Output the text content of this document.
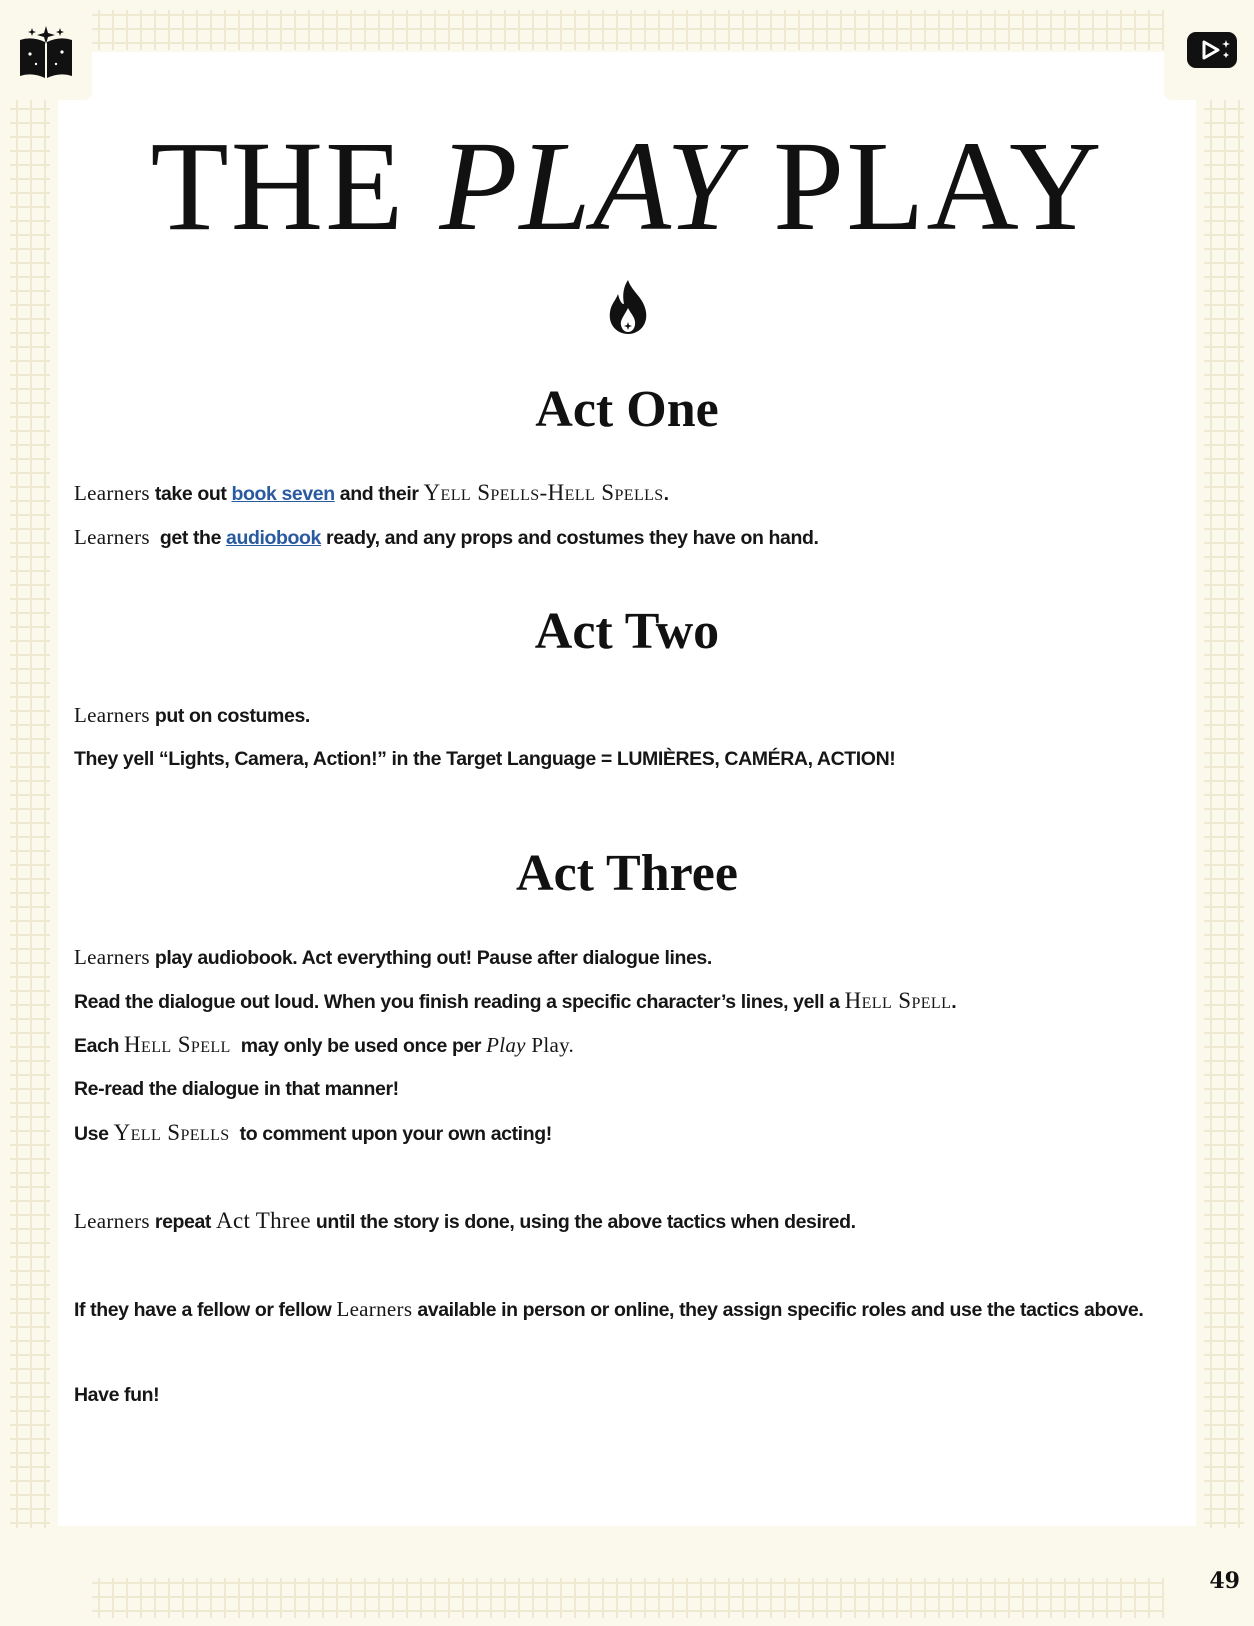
THE PLAY PLAY
Act One
Learners take out book seven and their Yell Spells-Hell Spells.
Learners  get the audiobook ready, and any props and costumes they have on hand.
Act Two
Learners put on costumes.
They yell “Lights, Camera, Action!” in the Target Language = LUMIÈRES, CAMÉRA, ACTION!
Act Three
Learners play audiobook. Act everything out! Pause after dialogue lines.
Read the dialogue out loud. When you finish reading a specific character’s lines, yell a Hell Spell.
Each Hell Spell  may only be used once per Play Play.
Re-read the dialogue in that manner!
Use Yell Spells  to comment upon your own acting!
Learners repeat Act Three until the story is done, using the above tactics when desired.
If they have a fellow or fellow Learners available in person or online, they assign specific roles and use the tactics above.
Have fun!
49
